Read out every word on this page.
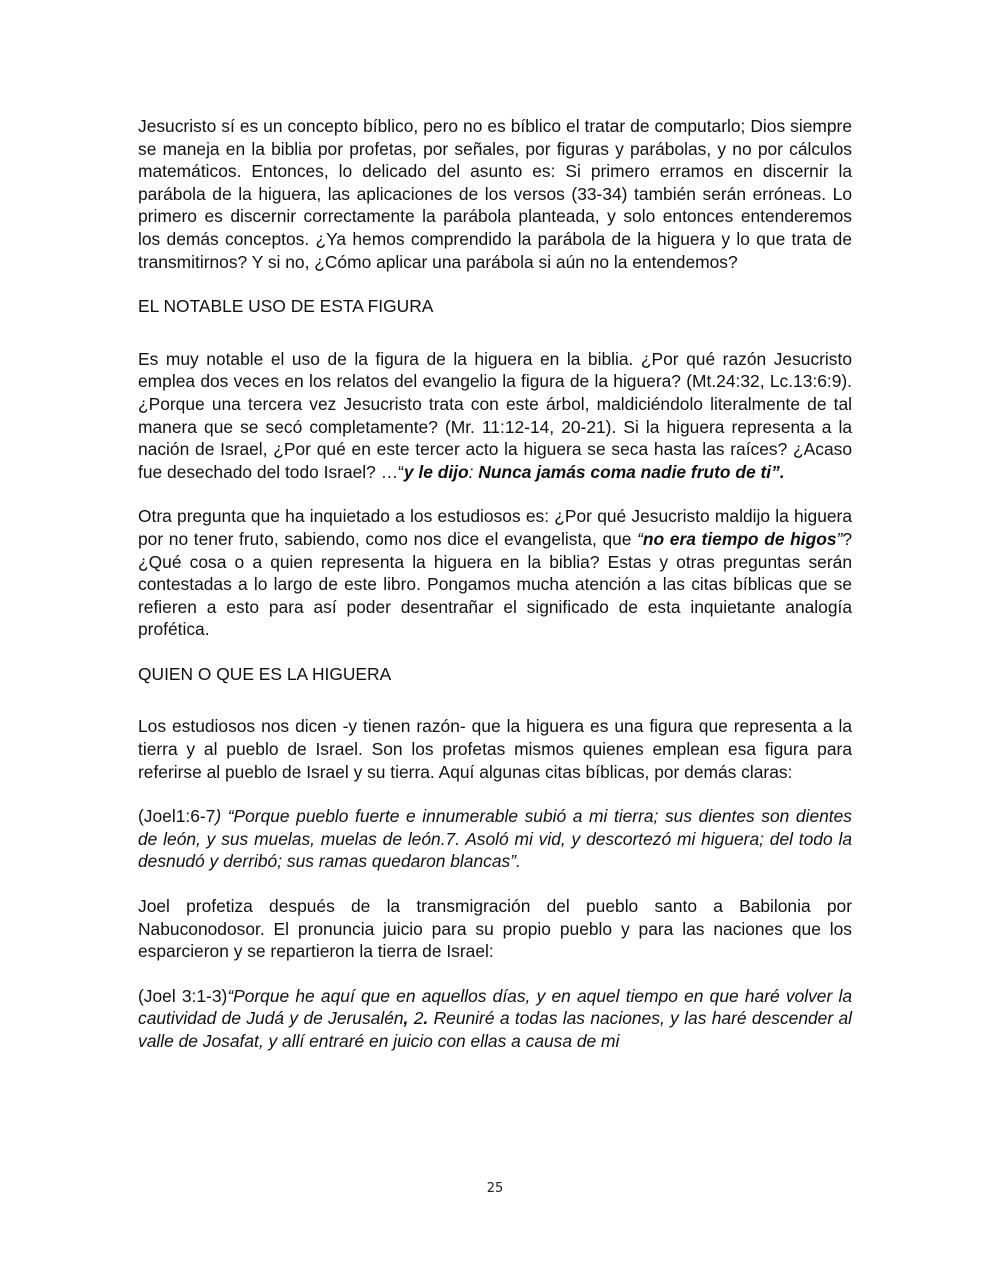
Jesucristo sí es un concepto bíblico, pero no es bíblico el tratar de computarlo; Dios siempre se maneja en la biblia por profetas, por señales, por figuras y parábolas, y no por cálculos matemáticos. Entonces, lo delicado del asunto es: Si primero erramos en discernir la parábola de la higuera, las aplicaciones de los versos (33-34) también serán erróneas. Lo primero es discernir correctamente la parábola planteada, y solo entonces entenderemos los demás conceptos. ¿Ya hemos comprendido la parábola de la higuera y lo que trata de transmitirnos? Y si no, ¿Cómo aplicar una parábola si aún no la entendemos?

EL NOTABLE USO DE ESTA FIGURA

Es muy notable el uso de la figura de la higuera en la biblia. ¿Por qué razón Jesucristo emplea dos veces en los relatos del evangelio la figura de la higuera? (Mt.24:32, Lc.13:6:9). ¿Porque una tercera vez Jesucristo trata con este árbol, maldiciéndolo literalmente de tal manera que se secó completamente? (Mr. 11:12-14, 20-21). Si la higuera representa a la nación de Israel, ¿Por qué en este tercer acto la higuera se seca hasta las raíces? ¿Acaso fue desechado del todo Israel? …“y le dijo: Nunca jamás coma nadie fruto de ti”.

Otra pregunta que ha inquietado a los estudiosos es: ¿Por qué Jesucristo maldijo la higuera por no tener fruto, sabiendo, como nos dice el evangelista, que “no era tiempo de higos”? ¿Qué cosa o a quien representa la higuera en la biblia? Estas y otras preguntas serán contestadas a lo largo de este libro. Pongamos mucha atención a las citas bíblicas que se refieren a esto para así poder desentrañar el significado de esta inquietante analogía profética.

QUIEN O QUE ES LA HIGUERA

Los estudiosos nos dicen -y tienen razón- que la higuera es una figura que representa a la tierra y al pueblo de Israel. Son los profetas mismos quienes emplean esa figura para referirse al pueblo de Israel y su tierra. Aquí algunas citas bíblicas, por demás claras:

(Joel1:6-7) “Porque pueblo fuerte e innumerable subió a mi tierra; sus dientes son dientes de león, y sus muelas, muelas de león.7. Asoló mi vid, y descortezó mi higuera; del todo la desnudó y derribó; sus ramas quedaron blancas”.

Joel profetiza después de la transmigración del pueblo santo a Babilonia por Nabuconodosor. El pronuncia juicio para su propio pueblo y para las naciones que los esparcieron y se repartieron la tierra de Israel:

(Joel 3:1-3)“Porque he aquí que en aquellos días, y en aquel tiempo en que haré volver la cautividad de Judá y de Jerusalén, 2. Reuniré a todas las naciones, y las haré descender al valle de Josafat, y allí entraré en juicio con ellas a causa de mi

25
